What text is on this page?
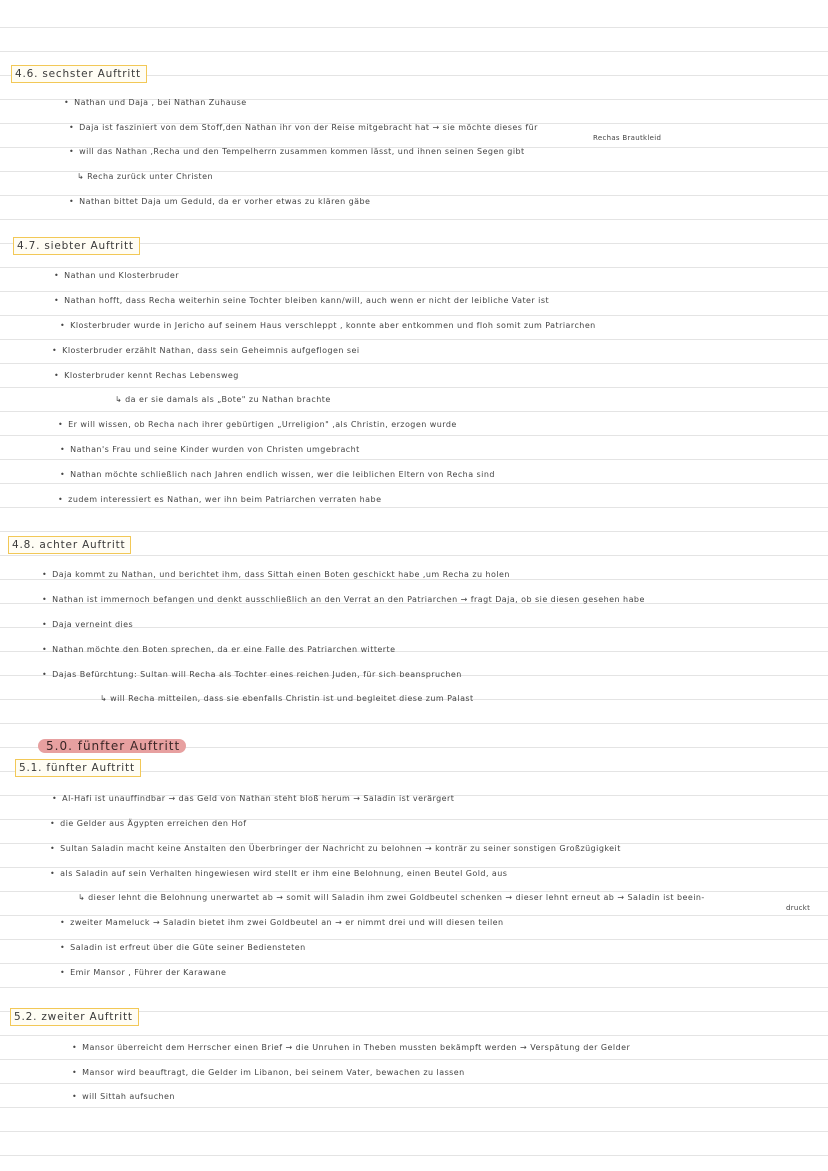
4.6. sechster Auftritt
• Nathan und Daja , bei Nathan Zuhause
• Daja ist fasziniert von dem Stoff,den Nathan ihr von der Reise mitgebracht hat → sie möchte dieses für
Rechas Brautkleid
• will das Nathan ,Recha und den Tempelherrn zusammen kommen lässt, und ihnen seinen Segen gibt
↳ Recha zurück unter Christen
• Nathan bittet Daja um Geduld, da er vorher etwas zu klären gäbe
4.7. siebter Auftritt
• Nathan und Klosterbruder
• Nathan hofft, dass Recha weiterhin seine Tochter bleiben kann/will, auch wenn er nicht der leibliche Vater ist
• Klosterbruder wurde in Jericho auf seinem Haus verschleppt , konnte aber entkommen und floh somit zum Patriarchen
• Klosterbruder erzählt Nathan, dass sein Geheimnis aufgeflogen sei
• Klosterbruder kennt Rechas Lebensweg
↳ da er sie damals als „Bote" zu Nathan brachte
• Er will wissen, ob Recha nach ihrer gebürtigen „Urreligion" ,als Christin, erzogen wurde
• Nathan's Frau und seine Kinder wurden von Christen umgebracht
• Nathan möchte schließlich nach Jahren endlich wissen, wer die leiblichen Eltern von Recha sind
• zudem interessiert es Nathan, wer ihn beim Patriarchen verraten habe
4.8. achter Auftritt
• Daja kommt zu Nathan, und berichtet ihm, dass Sittah einen Boten geschickt habe ,um Recha zu holen
• Nathan ist immernoch befangen und denkt ausschließlich an den Verrat an den Patriarchen → fragt Daja, ob sie diesen gesehen habe
• Daja verneint dies
• Nathan möchte den Boten sprechen, da er eine Falle des Patriarchen witterte
• Dajas Befürchtung: Sultan will Recha als Tochter eines reichen Juden, für sich beanspruchen
↳ will Recha mitteilen, dass sie ebenfalls Christin ist und begleitet diese zum Palast
5.0. fünfter Auftritt
5.1. fünfter Auftritt
• Al-Hafi ist unauffindbar → das Geld von Nathan steht bloß herum → Saladin ist verärgert
• die Gelder aus Ägypten erreichen den Hof
• Sultan Saladin macht keine Anstalten den Überbringer der Nachricht zu belohnen → konträr zu seiner sonstigen Großzügigkeit
• als Saladin auf sein Verhalten hingewiesen wird stellt er ihm eine Belohnung, einen Beutel Gold, aus
↳ dieser lehnt die Belohnung unerwartet ab → somit will Saladin ihm zwei Goldbeutel schenken → dieser lehnt erneut ab → Saladin ist beein-
druckt
• zweiter Mameluck → Saladin bietet ihm zwei Goldbeutel an → er nimmt drei und will diesen teilen
• Saladin ist erfreut über die Güte seiner Bediensteten
• Emir Mansor , Führer der Karawane
5.2. zweiter Auftritt
• Mansor überreicht dem Herrscher einen Brief → die Unruhen in Theben mussten bekämpft werden → Verspätung der Gelder
• Mansor wird beauftragt, die Gelder im Libanon, bei seinem Vater, bewachen zu lassen
• will Sittah aufsuchen
